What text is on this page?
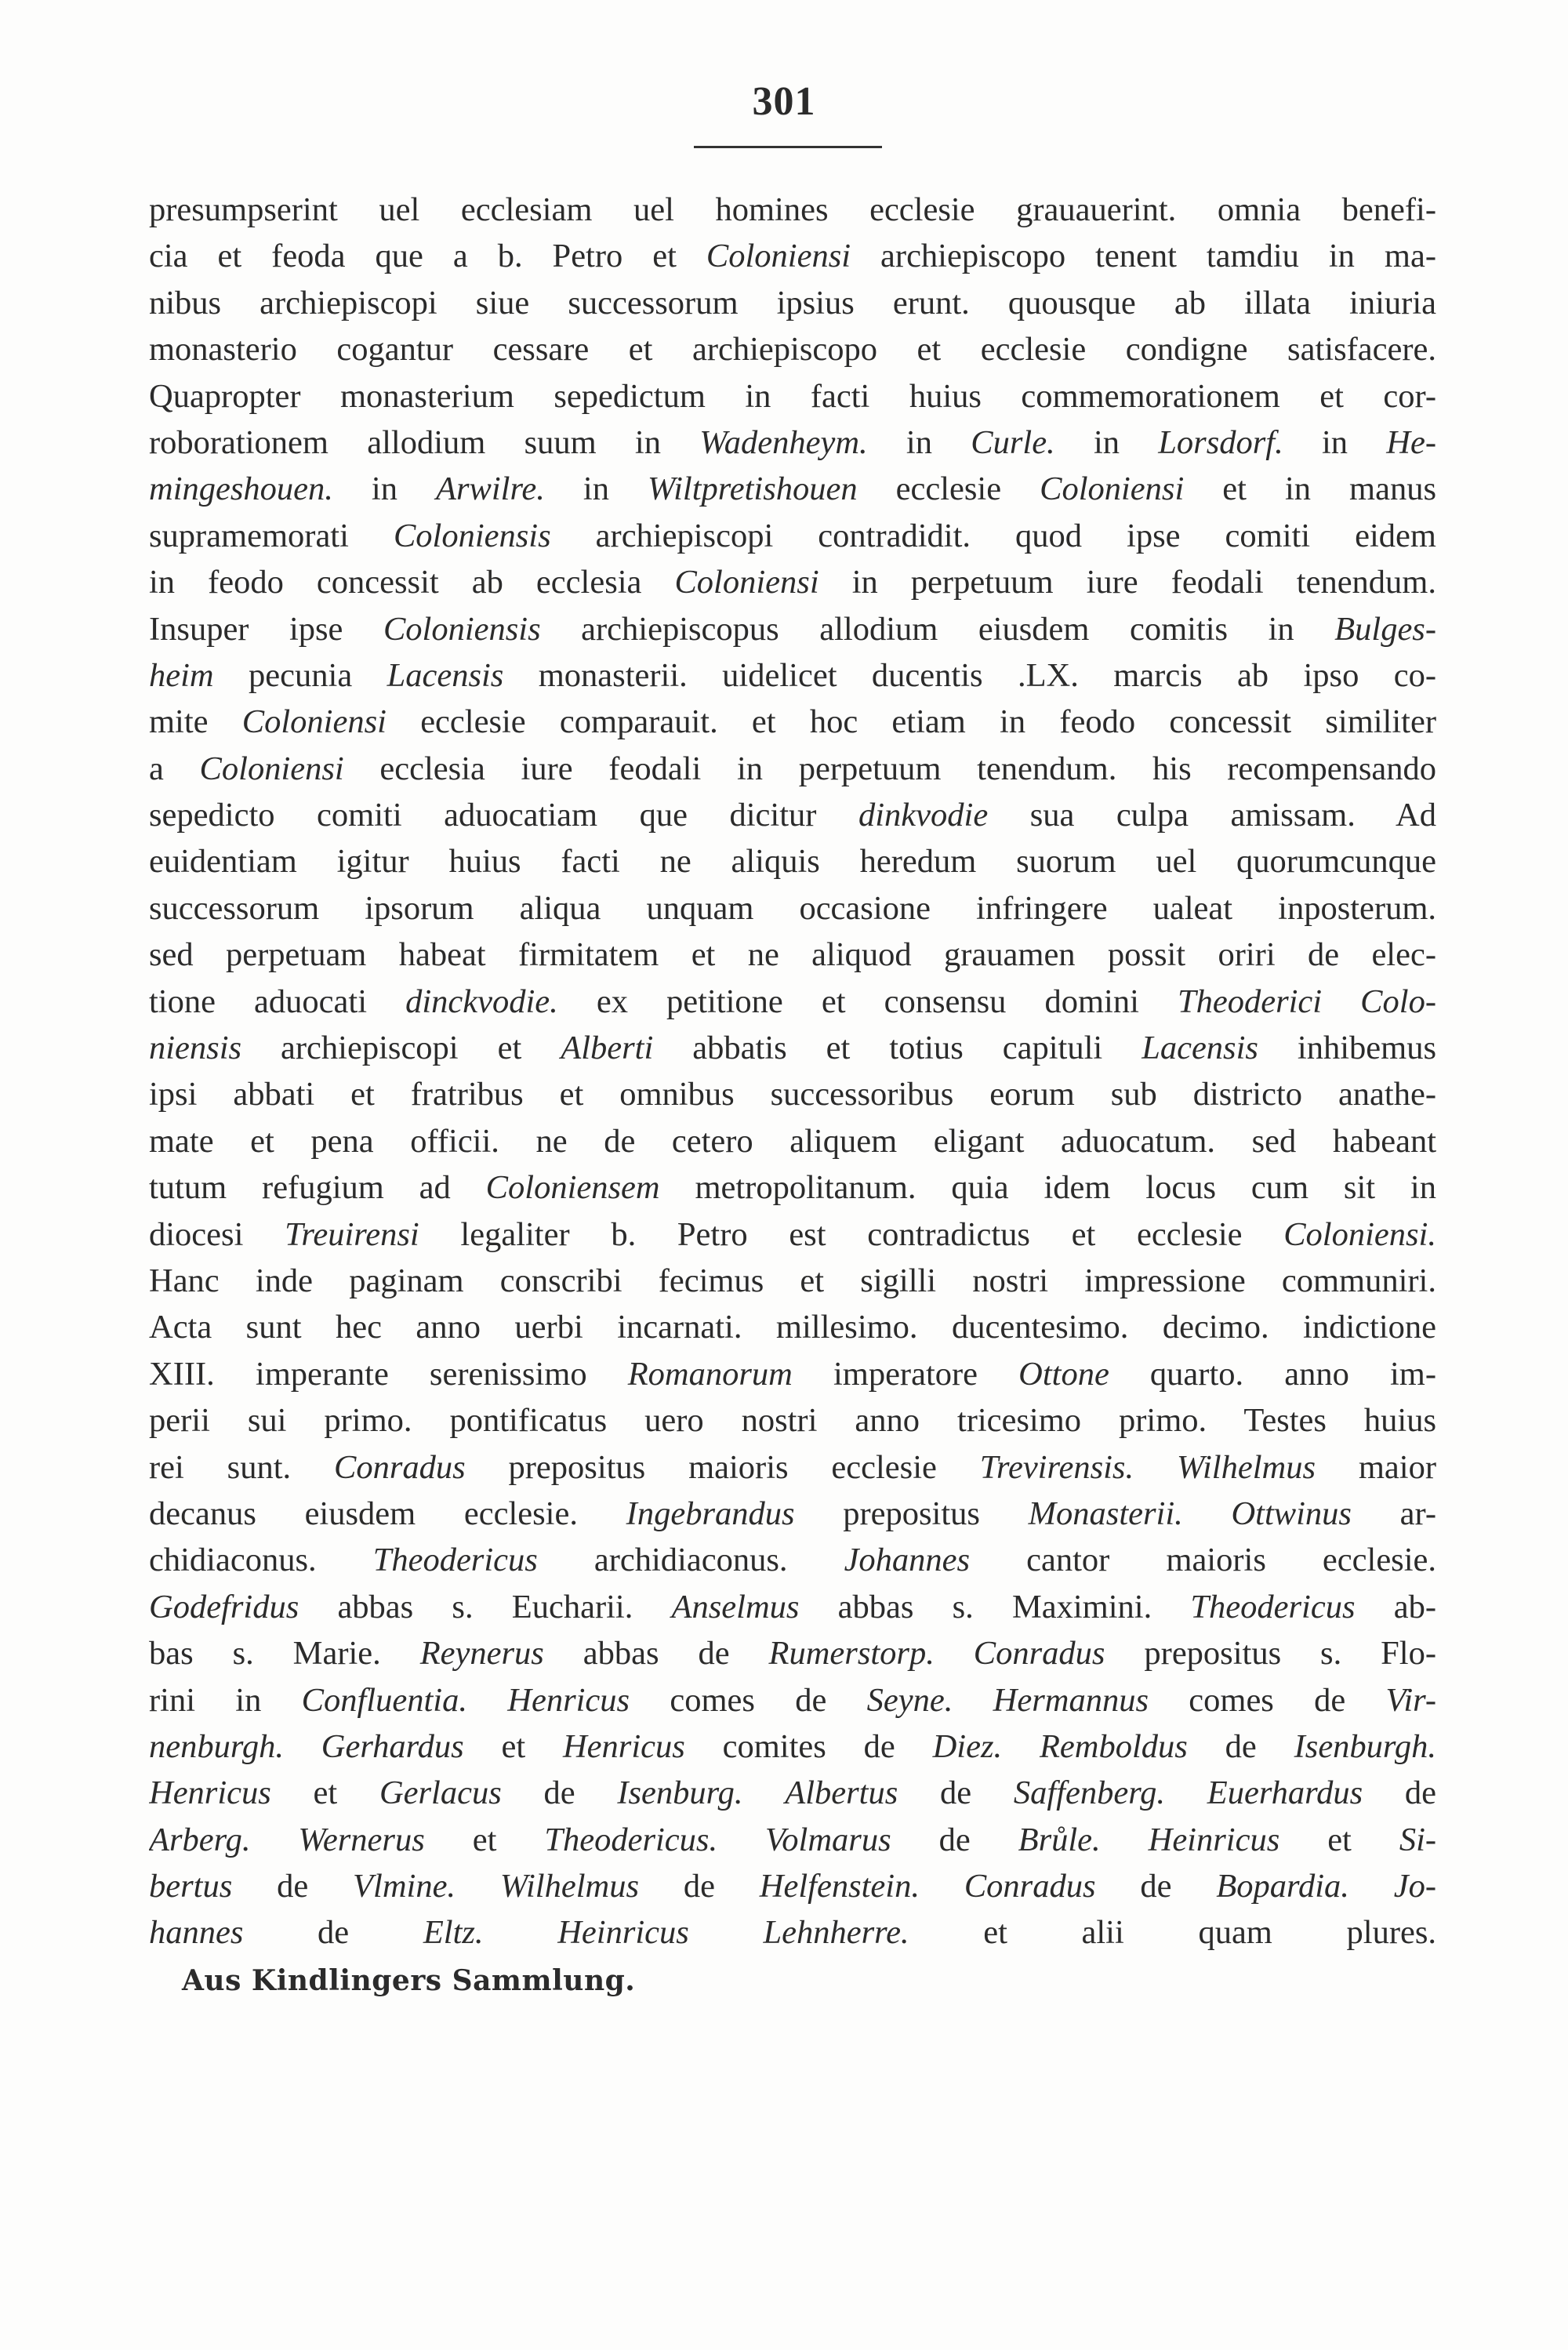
301
presumpserint uel ecclesiam uel homines ecclesie grauauerint. omnia benefi-
cia et feoda que a b. Petro et Coloniensi archiepiscopo tenent tamdiu in ma-
nibus archiepiscopi siue successorum ipsius erunt. quousque ab illata iniuria
monasterio cogantur cessare et archiepiscopo et ecclesie condigne satisfacere.
Quapropter monasterium sepedictum in facti huius commemorationem et cor-
roborationem allodium suum in Wadenheym. in Curle. in Lorsdorf. in He-
mingeshouen. in Arwilre. in Wiltpretishouen ecclesie Coloniensi et in manus
supramemorati Coloniensis archiepiscopi contradidit. quod ipse comiti eidem
in feodo concessit ab ecclesia Coloniensi in perpetuum iure feodali tenendum.
Insuper ipse Coloniensis archiepiscopus allodium eiusdem comitis in Bulges-
heim pecunia Lacensis monasterii. uidelicet ducentis .LX. marcis ab ipso co-
mite Coloniensi ecclesie comparauit. et hoc etiam in feodo concessit similiter
a Coloniensi ecclesia iure feodali in perpetuum tenendum. his recompensando
sepedicto comiti aduocatiam que dicitur dinkvodie sua culpa amissam. Ad
euidentiam igitur huius facti ne aliquis heredum suorum uel quorumcunque
successorum ipsorum aliqua unquam occasione infringere ualeat inposterum.
sed perpetuam habeat firmitatem et ne aliquod grauamen possit oriri de elec-
tione aduocati dinckvodie. ex petitione et consensu domini Theoderici Colo-
niensis archiepiscopi et Alberti abbatis et totius capituli Lacensis inhibemus
ipsi abbati et fratribus et omnibus successoribus eorum sub districto anathe-
mate et pena officii. ne de cetero aliquem eligant aduocatum. sed habeant
tutum refugium ad Coloniensem metropolitanum. quia idem locus cum sit in
diocesi Treuirensi legaliter b. Petro est contradictus et ecclesie Coloniensi.
Hanc inde paginam conscribi fecimus et sigilli nostri impressione communiri.
Acta sunt hec anno uerbi incarnati. millesimo. ducentesimo. decimo. indictione
XIII. imperante serenissimo Romanorum imperatore Ottone quarto. anno im-
perii sui primo. pontificatus uero nostri anno tricesimo primo. Testes huius
rei sunt. Conradus prepositus maioris ecclesie Trevirensis. Wilhelmus maior
decanus eiusdem ecclesie. Ingebrandus prepositus Monasterii. Ottwinus ar-
chidiaconus. Theodericus archidiaconus. Johannes cantor maioris ecclesie.
Godefridus abbas s. Eucharii. Anselmus abbas s. Maximini. Theodericus ab-
bas s. Marie. Reynerus abbas de Rumerstorp. Conradus prepositus s. Flo-
rini in Confluentia. Henricus comes de Seyne. Hermannus comes de Vir-
nenburgh. Gerhardus et Henricus comites de Diez. Remboldus de Isenburgh.
Henricus et Gerlacus de Isenburg. Albertus de Saffenberg. Euerhardus de
Arberg. Wernerus et Theodericus. Volmarus de Brůle. Heinricus et Si-
bertus de Vlmine. Wilhelmus de Helfenstein. Conradus de Bopardia. Jo-
hannes de Eltz. Heinricus Lehnherre. et alii quam plures.
Aus Kindlingers Sammlung.
